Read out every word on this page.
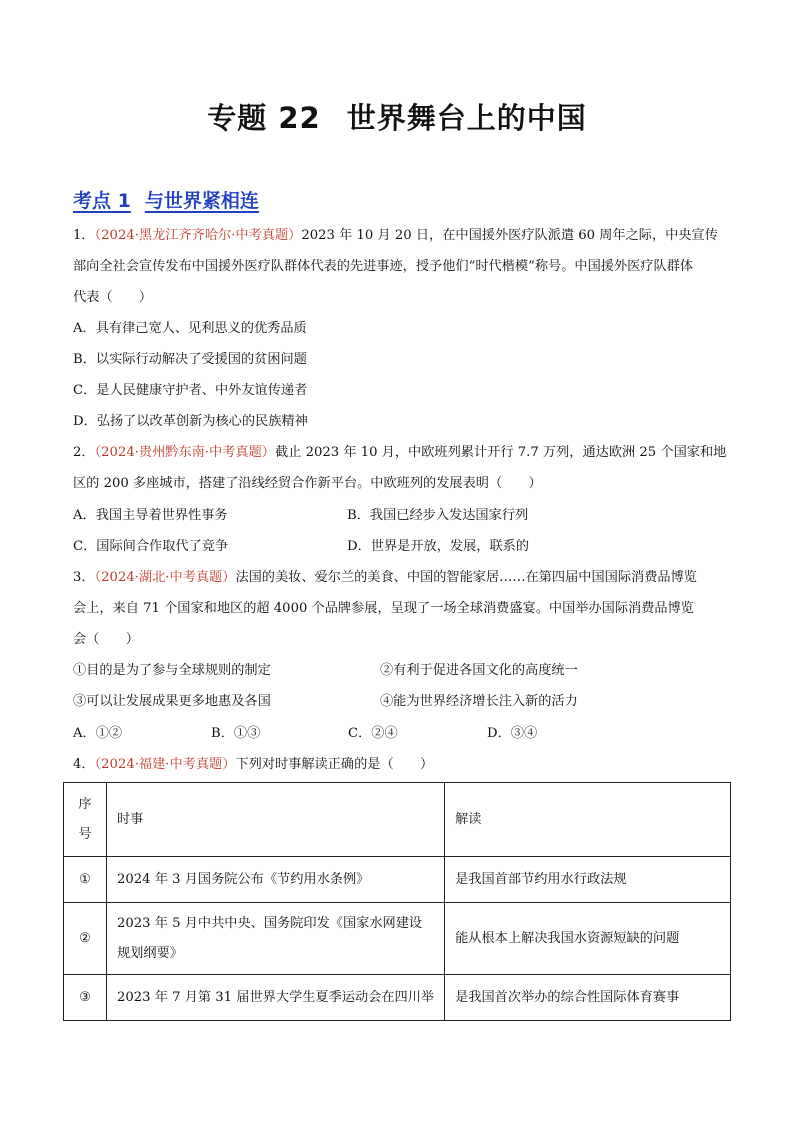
专题 22 世界舞台上的中国
考点 1 与世界紧相连
1．（2024·黑龙江齐齐哈尔·中考真题）2023 年 10 月 20 日，在中国援外医疗队派遣 60 周年之际，中央宣传
部向全社会宣传发布中国援外医疗队群体代表的先进事迹，授予他们“时代楷模”称号。中国援外医疗队群体
代表（　　）
A．具有律己宽人、见利思义的优秀品质
B．以实际行动解决了受援国的贫困问题
C．是人民健康守护者、中外友谊传递者
D．弘扬了以改革创新为核心的民族精神
2．（2024·贵州黔东南·中考真题）截止 2023 年 10 月，中欧班列累计开行 7.7 万列，通达欧洲 25 个国家和地
区的 200 多座城市，搭建了沿线经贸合作新平台。中欧班列的发展表明（　　）
A．我国主导着世界性事务	B．我国已经步入发达国家行列
C．国际间合作取代了竞争	D．世界是开放，发展，联系的
3．（2024·湖北·中考真题）法国的美妆、爱尔兰的美食、中国的智能家居……在第四届中国国际消费品博览
会上，来自 71 个国家和地区的超 4000 个品牌参展，呈现了一场全球消费盛宴。中国举办国际消费品博览
会（　　）
①目的是为了参与全球规则的制定	②有利于促进各国文化的高度统一
③可以让发展成果更多地惠及各国	④能为世界经济增长注入新的活力
A．①②	B．①③	C．②④	D．③④
4．（2024·福建·中考真题）下列对时事解读正确的是（　　）
序号	时事	解读
①	2024 年 3 月国务院公布《节约用水条例》	是我国首部节约用水行政法规
②	2023 年 5 月中共中央、国务院印发《国家水网建设规划纲要》	能从根本上解决我国水资源短缺的问题
③	2023 年 7 月第 31 届世界大学生夏季运动会在四川举	是我国首次举办的综合性国际体育赛事
